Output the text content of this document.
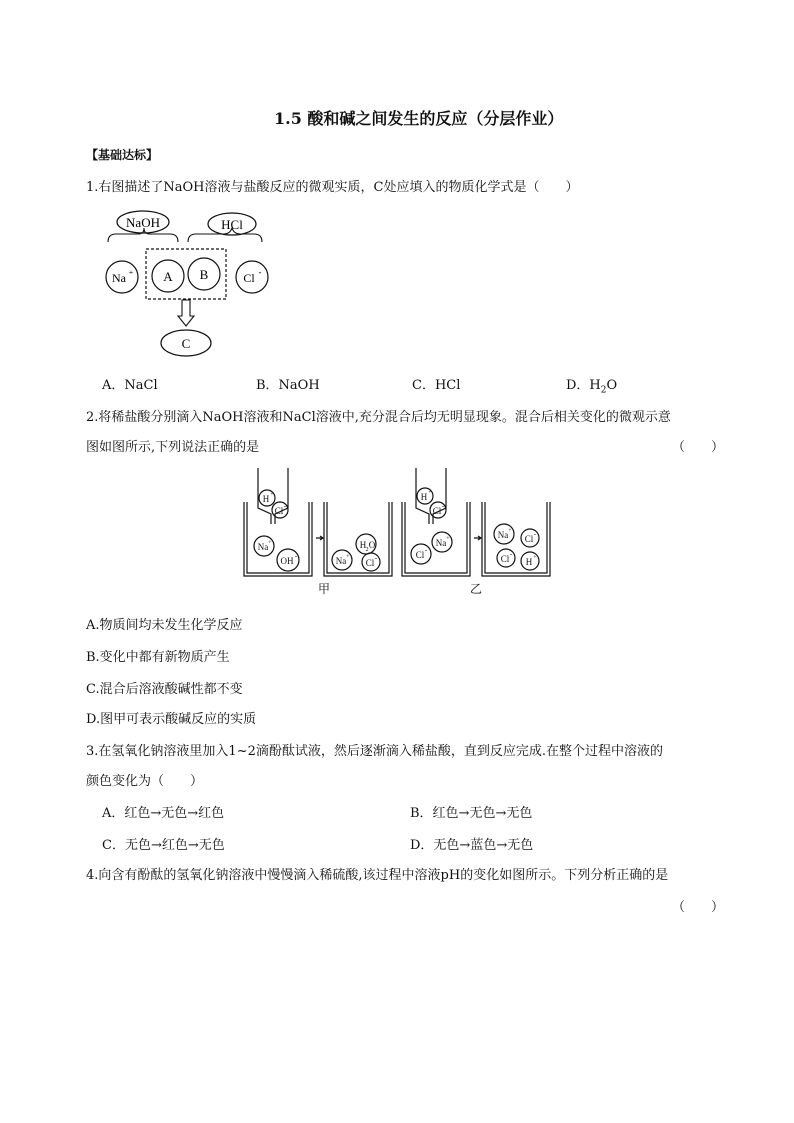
1.5 酸和碱之间发生的反应（分层作业）
【基础达标】
1.右图描述了NaOH溶液与盐酸反应的微观实质，C处应填入的物质化学式是（　　）
NaOH	HCl
Na + A B	Cl -
C
A．NaCl	B．NaOH	C．HCl	D．$H_2O$
2.将稀盐酸分别滴入NaOH溶液和NaCl溶液中,充分混合后均无明显现象。混合后相关变化的微观示意
图如图所示,下列说法正确的是	（　　）
H +
Cl -
Na +
OH -
H 2 O
Na +
Cl -
H +
Cl -
Na +
Cl -
Na +
Cl -
Cl -
H +
甲	乙
A.物质间均未发生化学反应
B.变化中都有新物质产生
C.混合后溶液酸碱性都不变
D.图甲可表示酸碱反应的实质
3.在氢氧化钠溶液里加入1~2滴酚酞试液，然后逐渐滴入稀盐酸，直到反应完成.在整个过程中溶液的
颜色变化为（　　）
A．红色→无色→红色	B．红色→无色→无色
C．无色→红色→无色	D．无色→蓝色→无色
4.向含有酚酞的氢氧化钠溶液中慢慢滴入稀硫酸,该过程中溶液pH的变化如图所示。下列分析正确的是
（　　）
